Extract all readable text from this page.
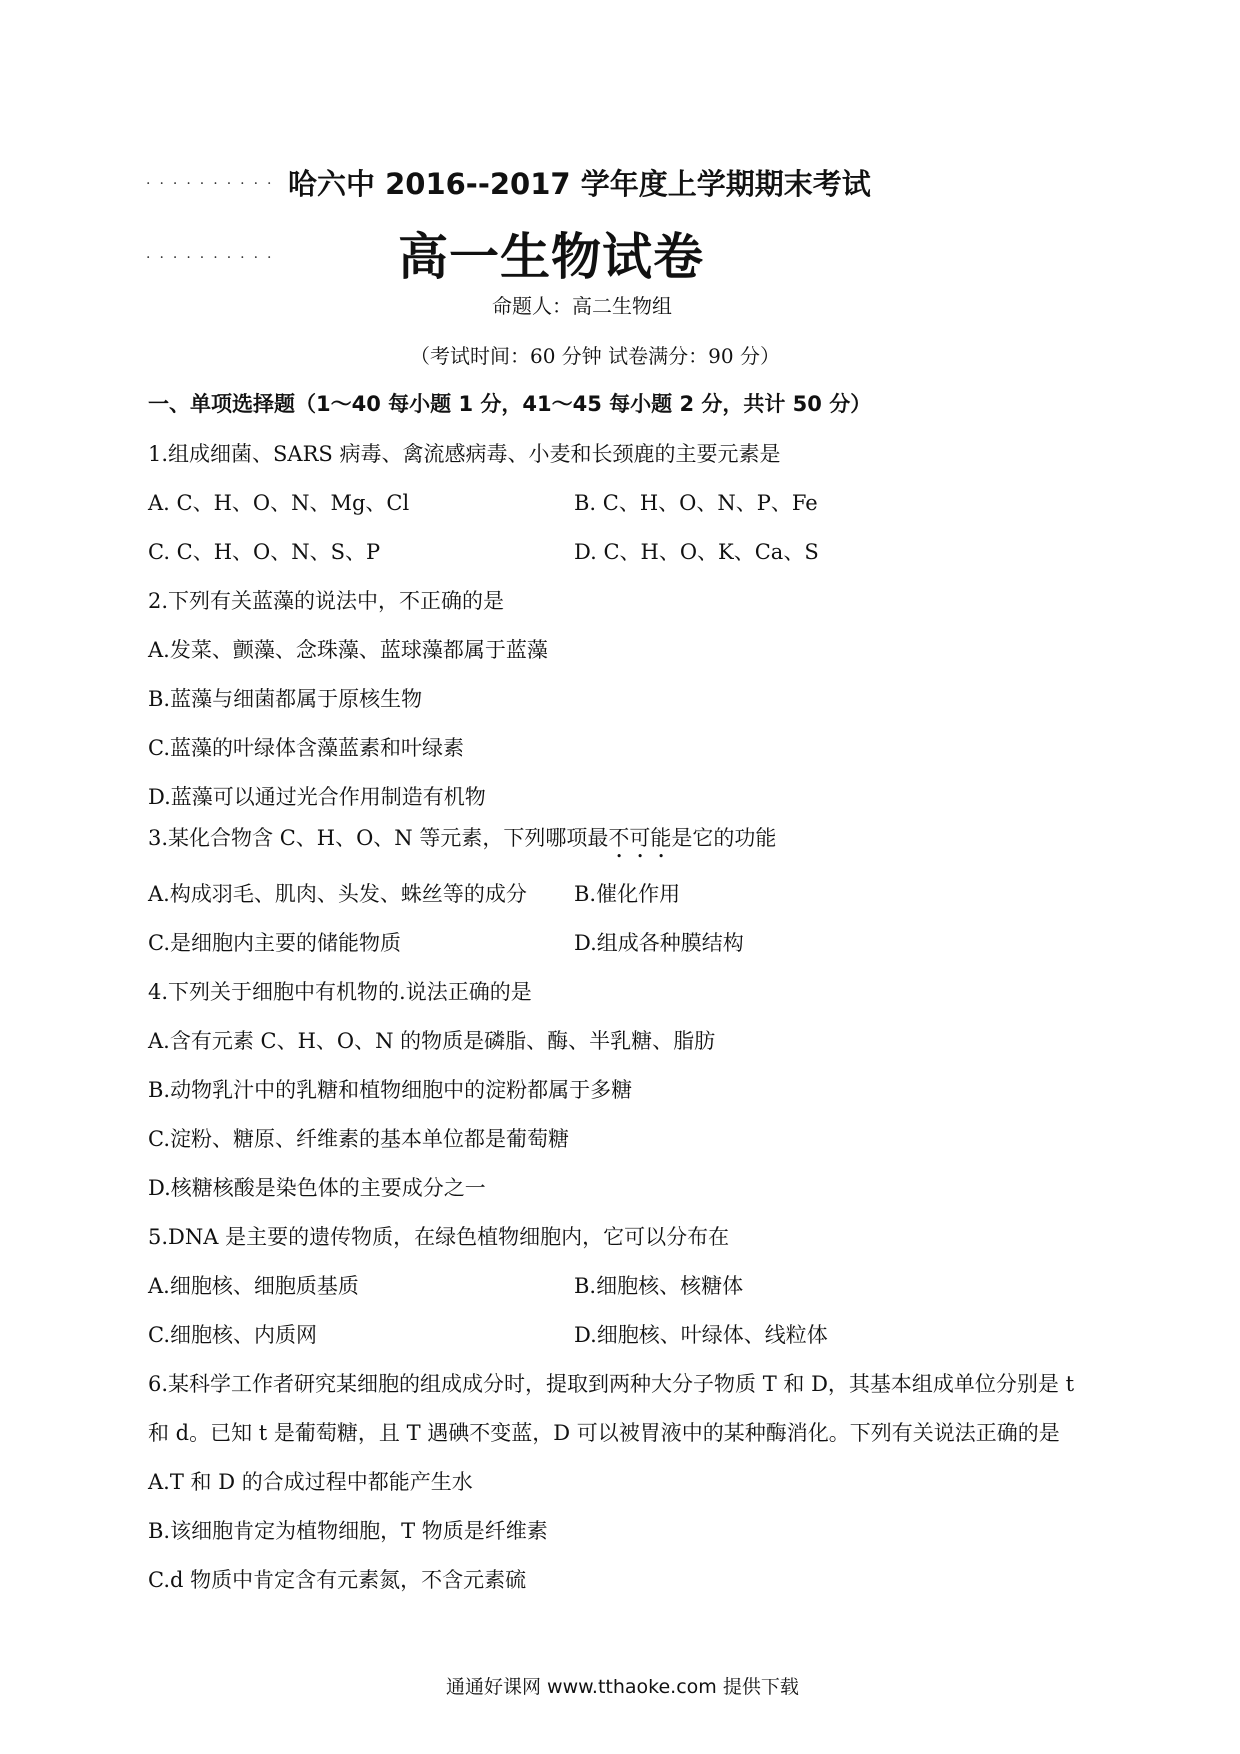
·········· 哈六中 2016--2017 学年度上学期期末考试
·········· 高一生物试卷
命题人：高二生物组
（考试时间：60 分钟 试卷满分：90 分）
一、单项选择题（1～40 每小题 1 分，41～45 每小题 2 分，共计 50 分）
1.组成细菌、SARS 病毒、禽流感病毒、小麦和长颈鹿的主要元素是
A. C、H、O、N、Mg、Cl	B. C、H、O、N、P、Fe
C. C、H、O、N、S、P	D. C、H、O、K、Ca、S
2.下列有关蓝藻的说法中，不正确的是
A.发菜、颤藻、念珠藻、蓝球藻都属于蓝藻
B.蓝藻与细菌都属于原核生物
C.蓝藻的叶绿体含藻蓝素和叶绿素
D.蓝藻可以通过光合作用制造有机物
3.某化合物含 C、H、O、N 等元素，下列哪项最不可能是它的功能
A.构成羽毛、肌肉、头发、蛛丝等的成分 B.催化作用
C.是细胞内主要的储能物质	D.组成各种膜结构
4.下列关于细胞中有机物的.说法正确的是
A.含有元素 C、H、O、N 的物质是磷脂、酶、半乳糖、脂肪
B.动物乳汁中的乳糖和植物细胞中的淀粉都属于多糖
C.淀粉、糖原、纤维素的基本单位都是葡萄糖
D.核糖核酸是染色体的主要成分之一
5.DNA 是主要的遗传物质，在绿色植物细胞内，它可以分布在
A.细胞核、细胞质基质	B.细胞核、核糖体
C.细胞核、内质网	D.细胞核、叶绿体、线粒体
6.某科学工作者研究某细胞的组成成分时，提取到两种大分子物质 T 和 D，其基本组成单位分别是 t
和 d。已知 t 是葡萄糖，且 T 遇碘不变蓝，D 可以被胃液中的某种酶消化。下列有关说法正确的是
A.T 和 D 的合成过程中都能产生水
B.该细胞肯定为植物细胞，T 物质是纤维素
C.d 物质中肯定含有元素氮，不含元素硫
通通好课网 www.tthaoke.com 提供下载
